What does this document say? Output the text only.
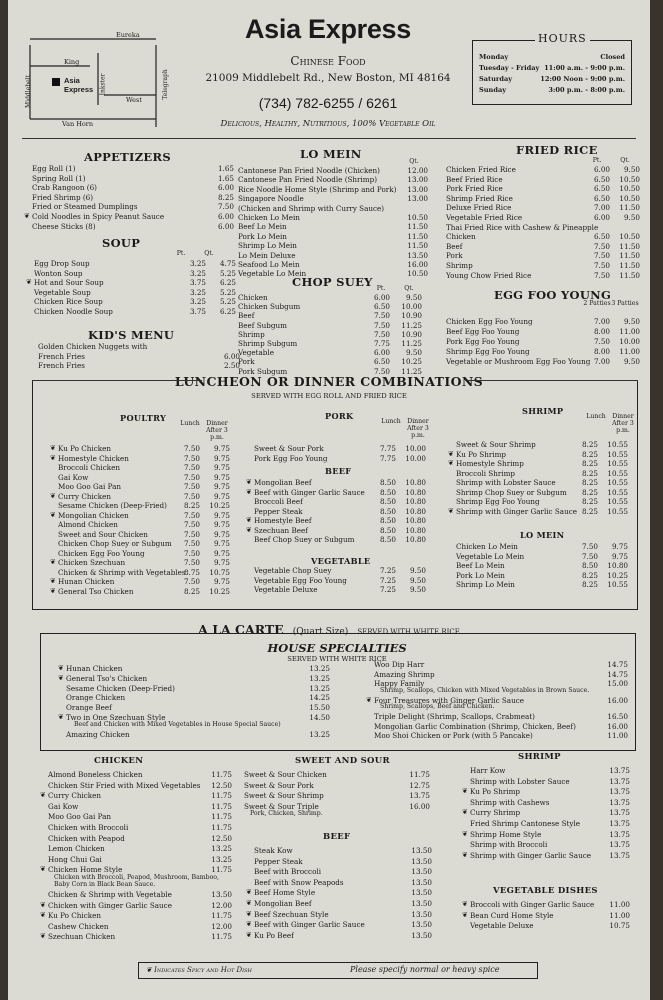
Eureka
King
Middlebelt	Inkster	Telegraph
West
Van Horn
Asia Express
Asia Express
Chinese Food
21009 Middlebelt Rd., New Boston, MI 48164
(734) 782-6255 / 6261
Delicious, Healthy, Nutritious, 100% Vegetable Oil
HOURS
Monday	Closed
Tuesday - Friday 11:00 a.m. - 9:00 p.m.
Saturday	12:00 Noon - 9:00 p.m.
Sunday	3:00 p.m. - 8:00 p.m.
APPETIZERS
Egg Roll (1)	1.65
Spring Roll (1)	1.65
Crab Rangoon (6)	6.00
Fried Shrimp (6)	8.25
Fried or Steamed Dumplings	7.50
❦ Cold Noodles in Spicy Peanut Sauce	6.00
Cheese Sticks (8)	6.00
SOUP
Pt.	Qt.
Egg Drop Soup	3.25	4.75
Wonton Soup	3.25	5.25
❦ Hot and Sour Soup	3.75	6.25
Vegetable Soup	3.25	5.25
Chicken Rice Soup	3.25	5.25
Chicken Noodle Soup	3.75	6.25
KID'S MENU
Golden Chicken Nuggets with
French Fries	6.00
French Fries	2.50
LO MEIN
Qt.
Cantonese Pan Fried Noodle (Chicken)	12.00
Cantonese Pan Fried Noodle (Shrimp)	13.00
Rice Noodle Home Style (Shrimp and Pork)	13.00
Singapore Noodle	13.00
(Chicken and Shrimp with Curry Sauce)
Chicken Lo Mein	10.50
Beef Lo Mein	11.50
Pork Lo Mein	11.50
Shrimp Lo Mein	11.50
Lo Mein Deluxe	13.50
Seafood Lo Mein	16.00
Vegetable Lo Mein	10.50
CHOP SUEY Pt.	Qt.
Chicken	6.00	9.50
Chicken Subgum	6.50	10.00
Beef	7.50	10.90
Beef Subgum	7.50	11.25
Shrimp	7.50	10.90
Shrimp Subgum	7.75	11.25
Vegetable	6.00	9.50
Pork	6.50	10.25
Pork Subgum	7.50	11.25
FRIED RICE
Pt.	Qt.
Chicken Fried Rice	6.00	9.50
Beef Fried Rice	6.50	10.50
Pork Fried Rice	6.50	10.50
Shrimp Fried Rice	6.50	10.50
Deluxe Fried Rice	7.00	11.50
Vegetable Fried Rice	6.00	9.50
Thai Fried Rice with Cashew & Pineapple
Chicken	6.50	10.50
Beef	7.50	11.50
Pork	7.50	11.50
Shrimp	7.50	11.50
Young Chow Fried Rice	7.50	11.50
EGG FOO YOUNG
2 Patties 3 Patties
Chicken Egg Foo Young	7.00	9.50
Beef Egg Foo Young	8.00	11.00
Pork Egg Foo Young	7.50	10.00
Shrimp Egg Foo Young	8.00	11.00
Vegetable or Mushroom Egg Foo Young 7.00	9.50
LUNCHEON OR DINNER COMBINATIONS
SERVED WITH EGG ROLL AND FRIED RICE
POULTRY
Lunch	Dinner After 3 p.m.
❦ Ku Po Chicken	7.50	9.75
❦ Homestyle Chicken	7.50	9.75
Broccoli Chicken	7.50	9.75
Gai Kow	7.50	9.75
Moo Goo Gai Pan	7.50	9.75
❦ Curry Chicken	7.50	9.75
Sesame Chicken (Deep-Fried)	8.25	10.25
❦ Mongolian Chicken	7.50	9.75
Almond Chicken	7.50	9.75
Sweet and Sour Chicken	7.50	9.75
Chicken Chop Suey or Subgum	7.50	9.75
Chicken Egg Foo Young	7.50	9.75
❦ Chicken Szechuan	7.50	9.75
Chicken & Shrimp with Vegetables
8.75	10.75
❦ Hunan Chicken	7.50	9.75
❦ General Tso Chicken	8.25	10.25
PORK
Lunch	Dinner After 3 p.m.
Sweet & Sour Pork	7.75	10.00
Pork Egg Foo Young	7.75	10.00
BEEF
❦ Mongolian Beef	8.50	10.80
❦ Beef with Ginger Garlic Sauce	8.50	10.80
Broccoli Beef	8.50	10.80
Pepper Steak	8.50	10.80
❦ Homestyle Beef	8.50	10.80
❦ Szechuan Beef	8.50	10.80
Beef Chop Suey or Subgum	8.50	10.80
VEGETABLE
Vegetable Chop Suey	7.25	9.50
Vegetable Egg Foo Young	7.25	9.50
Vegetable Deluxe	7.25	9.50
SHRIMP
Lunch	Dinner After 3 p.m.
Sweet & Sour Shrimp	8.25	10.55
❦ Ku Po Shrimp	8.25	10.55
❦ Homestyle Shrimp	8.25	10.55
Broccoli Shrimp	8.25	10.55
Shrimp with Lobster Sauce	8.25	10.55
Shrimp Chop Suey or Subgum	8.25	10.55
Shrimp Egg Foo Young	8.25	10.55
❦ Shrimp with Ginger Garlic Sauce 8.25	10.55
LO MEIN
Chicken Lo Mein	7.50	9.75
Vegetable Lo Mein	7.50	9.75
Beef Lo Mein	8.50	10.80
Pork Lo Mein	8.25	10.25
Shrimp Lo Mein	8.25	10.55
A LA CARTE (Quart Size) SERVED WITH WHITE RICE
HOUSE SPECIALTIES
SERVED WITH WHITE RICE
❦ Hunan Chicken	13.25
❦ General Tso's Chicken	13.25
Sesame Chicken (Deep-Fried)	13.25
Orange Chicken	14.25
Orange Beef	15.50
❦ Two in One Szechuan Style	14.50
Beef and Chicken with Mixed Vegetables in House Special Sauce)
Amazing Chicken	13.25
Woo Dip Harr	14.75
Amazing Shrimp	14.75
Happy Family	15.00
Shrimp, Scallops, Chicken with Mixed Vegetables in Brown Sauce.
❦ Four Treasures with Ginger Garlic Sauce	16.00
Shrimp, Scallops, Beef and Chicken.
Triple Delight (Shrimp, Scallops, Crabmeat)	16.50
Mongolian Garlic Combination (Shrimp, Chicken, Beef)	16.00
Moo Shoi Chicken or Pork (with 5 Pancake)	11.00
CHICKEN
Almond Boneless Chicken	11.75
Chicken Stir Fried with Mixed Vegetables	12.50
❦ Curry Chicken	11.75
Gai Kow	11.75
Moo Goo Gai Pan	11.75
Chicken with Broccoli	11.75
Chicken with Peapod	12.50
Lemon Chicken	13.25
Hong Chui Gai	13.25
❦ Chicken Home Style	11.75
Chicken with Broccoli, Peapod, Mushroom, Bamboo, Baby Corn in Black Bean Sauce.
Chicken & Shrimp with Vegetable	13.50
❦ Chicken with Ginger Garlic Sauce	12.00
❦ Ku Po Chicken	11.75
Cashew Chicken	12.00
❦ Szechuan Chicken	11.75
SWEET AND SOUR
Sweet & Sour Chicken	11.75
Sweet & Sour Pork	12.75
Sweet & Sour Shrimp	13.75
Sweet & Sour Triple	16.00
Pork, Chicken, Shrimp.
BEEF
Steak Kow	13.50
Pepper Steak	13.50
Beef with Broccoli	13.50
Beef with Snow Peapods	13.50
❦ Beef Home Style	13.50
❦ Mongolian Beef	13.50
❦ Beef Szechuan Style	13.50
❦ Beef with Ginger Garlic Sauce	13.50
❦ Ku Po Beef	13.50
SHRIMP
Harr Kow	13.75
Shrimp with Lobster Sauce	13.75
❦ Ku Po Shrimp	13.75
Shrimp with Cashews	13.75
❦ Curry Shrimp	13.75
Fried Shrimp Cantonese Style	13.75
❦ Shrimp Home Style	13.75
Shrimp with Broccoli	13.75
❦ Shrimp with Ginger Garlic Sauce	13.75
VEGETABLE DISHES
❦ Broccoli with Ginger Garlic Sauce	11.00
❦ Bean Curd Home Style	11.00
Vegetable Deluxe	10.75
❦ Indicates Spicy and Hot Dish	Please specify normal or heavy spice
